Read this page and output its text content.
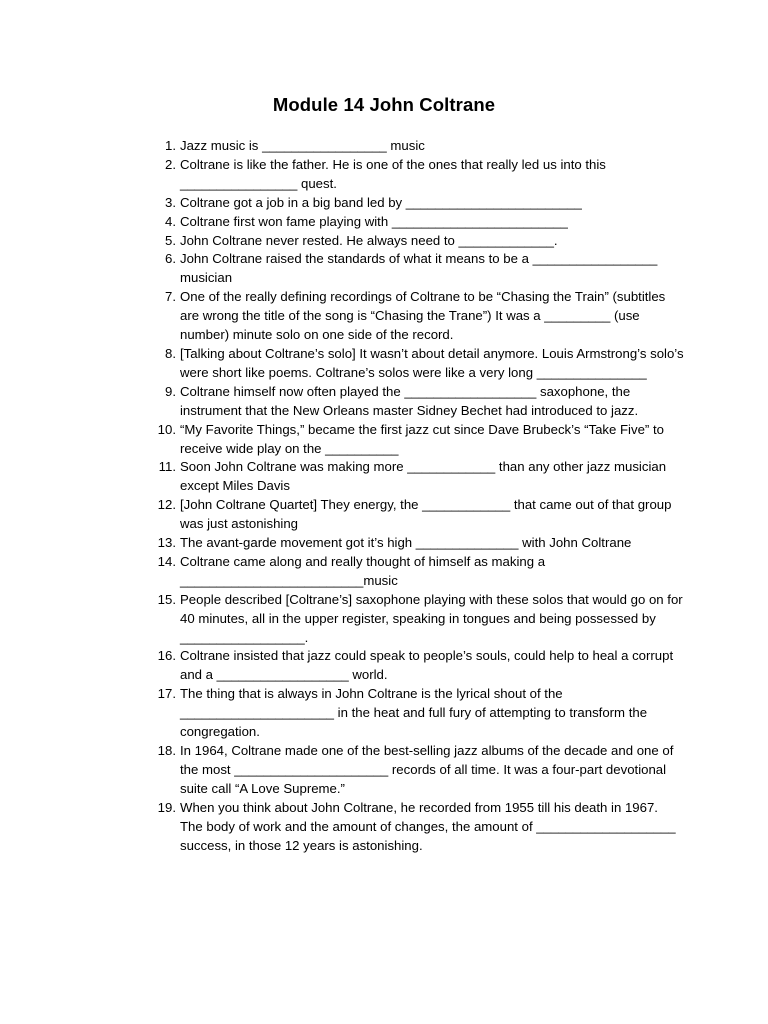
Module 14 John Coltrane
1. Jazz music is _________________ music
2. Coltrane is like the father. He is one of the ones that really led us into this ________________ quest.
3. Coltrane got a job in a big band led by ________________________
4. Coltrane first won fame playing with ________________________
5. John Coltrane never rested. He always need to _____________.
6. John Coltrane raised the standards of what it means to be a _________________ musician
7. One of the really defining recordings of Coltrane to be “Chasing the Train” (subtitles are wrong the title of the song is “Chasing the Trane”) It was a _________ (use number) minute solo on one side of the record.
8. [Talking about Coltrane’s solo] It wasn’t about detail anymore. Louis Armstrong’s solo’s were short like poems. Coltrane’s solos were like a very long _______________
9. Coltrane himself now often played the __________________ saxophone, the instrument that the New Orleans master Sidney Bechet had introduced to jazz.
10. “My Favorite Things,” became the first jazz cut since Dave Brubeck’s “Take Five” to receive wide play on the __________
11. Soon John Coltrane was making more ____________ than any other jazz musician except Miles Davis
12. [John Coltrane Quartet] They energy, the ____________ that came out of that group was just astonishing
13. The avant-garde movement got it’s high ______________ with John Coltrane
14. Coltrane came along and really thought of himself as making a _________________________music
15. People described [Coltrane’s] saxophone playing with these solos that would go on for 40 minutes, all in the upper register, speaking in tongues and being possessed by _________________.
16. Coltrane insisted that jazz could speak to people’s souls, could help to heal a corrupt and a __________________ world.
17. The thing that is always in John Coltrane is the lyrical shout of the _____________________ in the heat and full fury of attempting to transform the congregation.
18. In 1964, Coltrane made one of the best-selling jazz albums of the decade and one of the most _____________________ records of all time. It was a four-part devotional suite call “A Love Supreme.”
19. When you think about John Coltrane, he recorded from 1955 till his death in 1967. The body of work and the amount of changes, the amount of ___________________ success, in those 12 years is astonishing.
